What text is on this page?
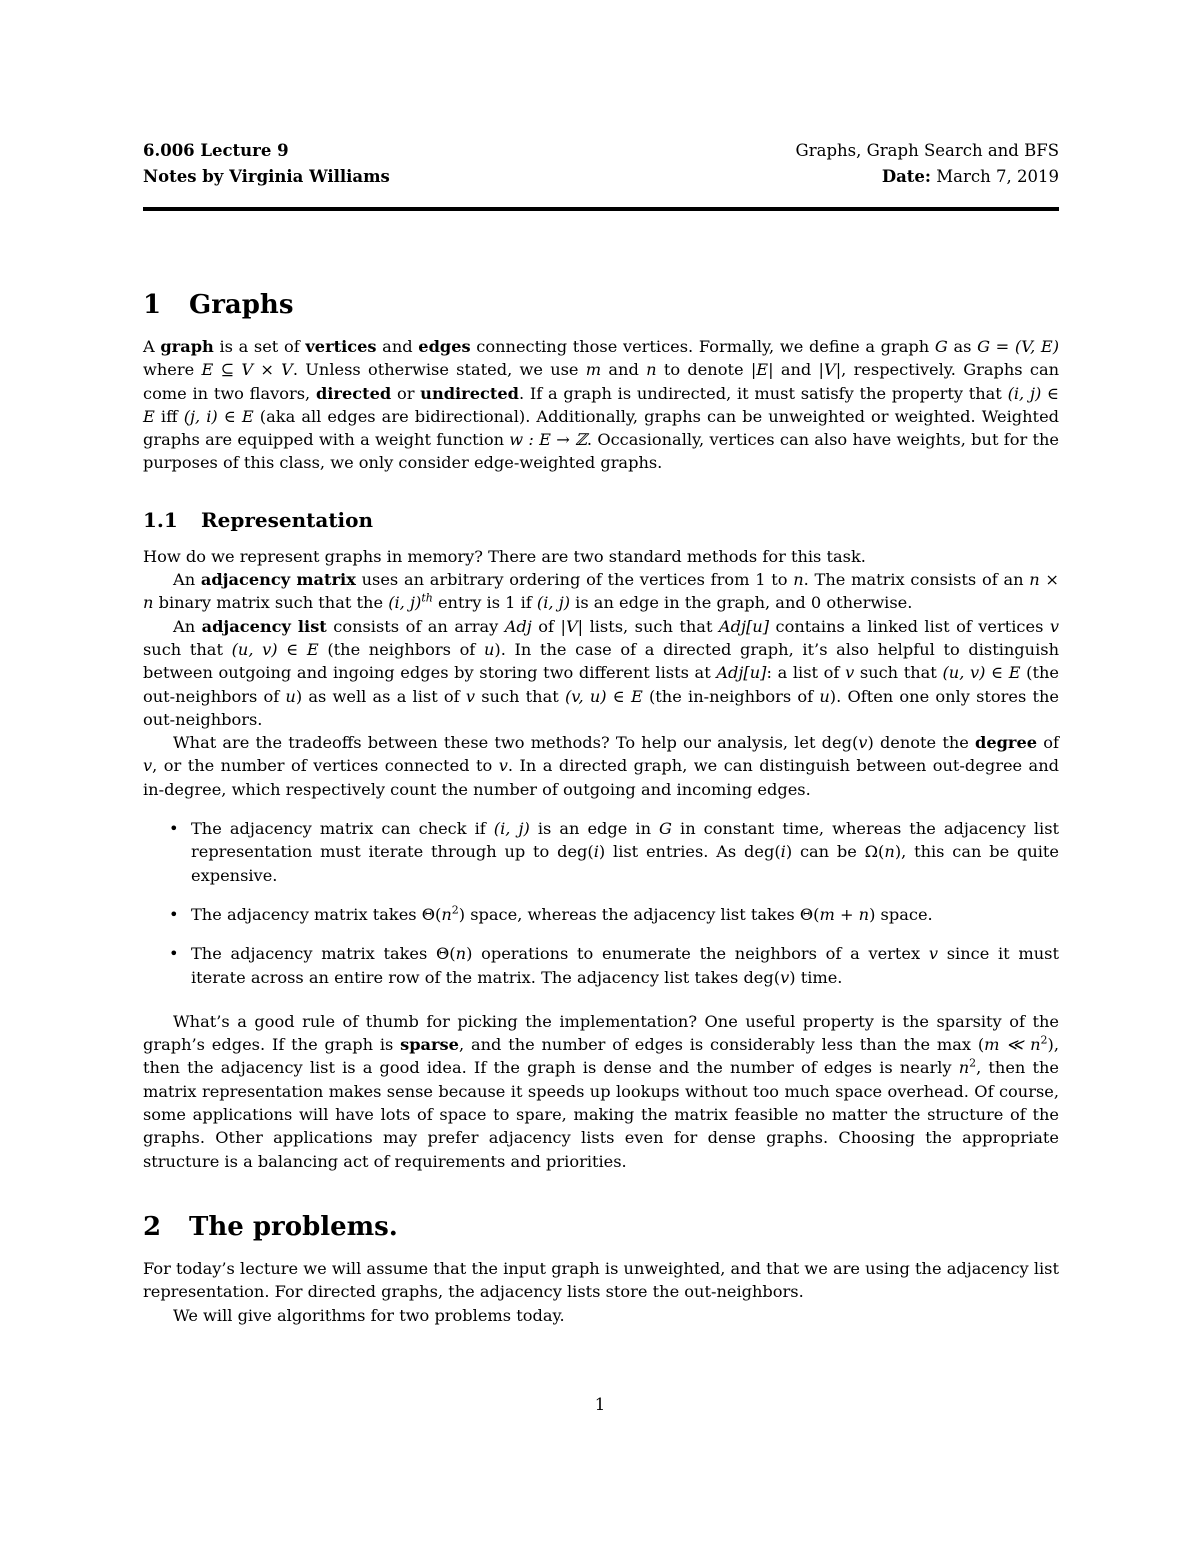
6.006 Lecture 9	Graphs, Graph Search and BFS
Notes by Virginia Williams	Date: March 7, 2019
1 Graphs

A graph is a set of vertices and edges connecting those vertices. Formally, we define a graph G as G = (V, E) where E ⊆ V × V. Unless otherwise stated, we use m and n to denote |E| and |V|, respectively. Graphs can come in two flavors, directed or undirected. If a graph is undirected, it must satisfy the property that (i, j) ∈ E iff (j, i) ∈ E (aka all edges are bidirectional). Additionally, graphs can be unweighted or weighted. Weighted graphs are equipped with a weight function w : E → ℤ. Occasionally, vertices can also have weights, but for the purposes of this class, we only consider edge-weighted graphs.

1.1 Representation

How do we represent graphs in memory? There are two standard methods for this task.

An adjacency matrix uses an arbitrary ordering of the vertices from 1 to n. The matrix consists of an n × n binary matrix such that the (i, j)$^{th}$ entry is 1 if (i, j) is an edge in the graph, and 0 otherwise.

An adjacency list consists of an array Adj of |V| lists, such that Adj[u] contains a linked list of vertices v such that (u, v) ∈ E (the neighbors of u). In the case of a directed graph, it’s also helpful to distinguish between outgoing and ingoing edges by storing two different lists at Adj[u]: a list of v such that (u, v) ∈ E (the out-neighbors of u) as well as a list of v such that (v, u) ∈ E (the in-neighbors of u). Often one only stores the out-neighbors.

What are the tradeoffs between these two methods? To help our analysis, let deg(v) denote the degree of v, or the number of vertices connected to v. In a directed graph, we can distinguish between out-degree and in-degree, which respectively count the number of outgoing and incoming edges.

• The adjacency matrix can check if (i, j) is an edge in G in constant time, whereas the adjacency list representation must iterate through up to deg(i) list entries. As deg(i) can be Ω(n), this can be quite expensive.
• The adjacency matrix takes $\Theta(n^2)$ space, whereas the adjacency list takes Θ(m + n) space.
• The adjacency matrix takes Θ(n) operations to enumerate the neighbors of a vertex v since it must iterate across an entire row of the matrix. The adjacency list takes deg(v) time.

What’s a good rule of thumb for picking the implementation? One useful property is the sparsity of the graph’s edges. If the graph is sparse, and the number of edges is considerably less than the max (m ≪ $n^2$), then the adjacency list is a good idea. If the graph is dense and the number of edges is nearly $n^2$, then the matrix representation makes sense because it speeds up lookups without too much space overhead. Of course, some applications will have lots of space to spare, making the matrix feasible no matter the structure of the graphs. Other applications may prefer adjacency lists even for dense graphs. Choosing the appropriate structure is a balancing act of requirements and priorities.

2 The problems.

For today’s lecture we will assume that the input graph is unweighted, and that we are using the adjacency list representation. For directed graphs, the adjacency lists store the out-neighbors.

We will give algorithms for two problems today.

1
